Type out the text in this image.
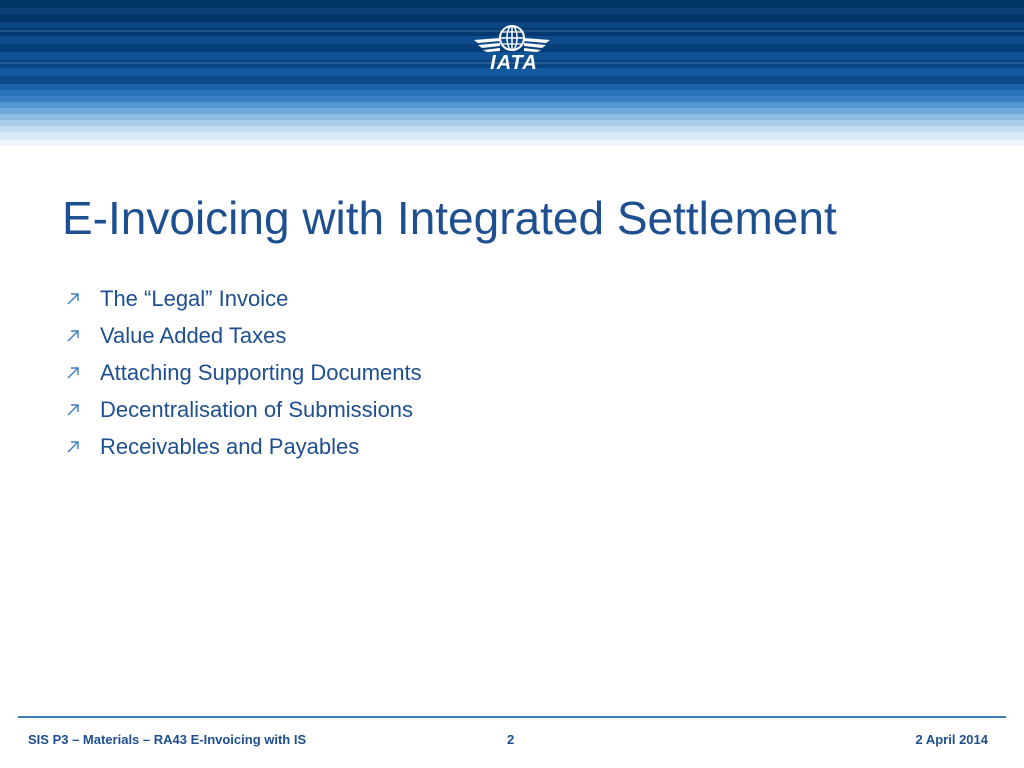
IATA
E-Invoicing with Integrated Settlement
The “Legal” Invoice
Value Added Taxes
Attaching Supporting Documents
Decentralisation of Submissions
Receivables and Payables
SIS P3 – Materials – RA43 E-Invoicing with IS	2	2 April 2014
